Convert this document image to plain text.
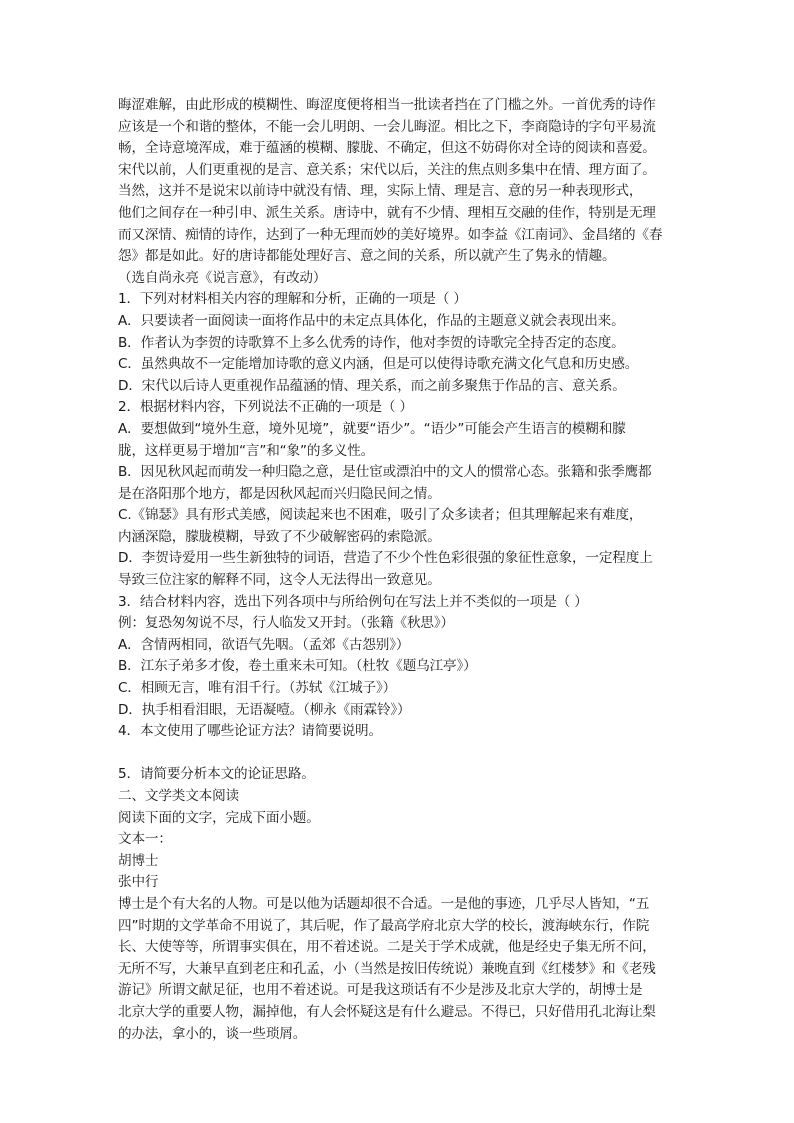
晦涩难解，由此形成的模糊性、晦涩度便将相当一批读者挡在了门槛之外。一首优秀的诗作
应该是一个和谐的整体，不能一会儿明朗、一会儿晦涩。相比之下，李商隐诗的字句平易流
畅，全诗意境浑成，难于蕴涵的模糊、朦胧、不确定，但这不妨碍你对全诗的阅读和喜爱。
宋代以前，人们更重视的是言、意关系；宋代以后，关注的焦点则多集中在情、理方面了。
当然，这并不是说宋以前诗中就没有情、理，实际上情、理是言、意的另一种表现形式，
他们之间存在一种引申、派生关系。唐诗中，就有不少情、理相互交融的佳作，特别是无理
而又深情、痴情的诗作，达到了一种无理而妙的美好境界。如李益《江南词》、金昌绪的《春
怨》都是如此。好的唐诗都能处理好言、意之间的关系，所以就产生了隽永的情趣。
（选自尚永亮《说言意》，有改动）
1．下列对材料相关内容的理解和分析，正确的一项是（ ）
A．只要读者一面阅读一面将作品中的未定点具体化，作品的主题意义就会表现出来。
B．作者认为李贺的诗歌算不上多么优秀的诗作，他对李贺的诗歌完全持否定的态度。
C．虽然典故不一定能增加诗歌的意义内涵，但是可以使得诗歌充满文化气息和历史感。
D．宋代以后诗人更重视作品蕴涵的情、理关系，而之前多聚焦于作品的言、意关系。
2．根据材料内容，下列说法不正确的一项是（ ）
A．要想做到“境外生意，境外见境”，就要“语少”。“语少”可能会产生语言的模糊和朦
胧，这样更易于增加“言”和“象”的多义性。
B．因见秋风起而萌发一种归隐之意，是仕宦或漂泊中的文人的惯常心态。张籍和张季鹰都
是在洛阳那个地方，都是因秋风起而兴归隐民间之情。
C.《锦瑟》具有形式美感，阅读起来也不困难，吸引了众多读者；但其理解起来有难度，
内涵深隐，朦胧模糊，导致了不少破解密码的索隐派。
D．李贺诗爱用一些生新独特的词语，营造了不少个性色彩很强的象征性意象，一定程度上
导致三位注家的解释不同，这令人无法得出一致意见。
3．结合材料内容，选出下列各项中与所给例句在写法上并不类似的一项是（ ）
例：复恐匆匆说不尽，行人临发又开封。（张籍《秋思》）
A．含情两相同，欲语气先咽。（孟郊《古怨别》）
B．江东子弟多才俊，卷土重来未可知。（杜牧《题乌江亭》）
C．相顾无言，唯有泪千行。（苏轼《江城子》）
D．执手相看泪眼，无语凝噎。（柳永《雨霖铃》）
4．本文使用了哪些论证方法？请简要说明。
5．请简要分析本文的论证思路。
二、文学类文本阅读
阅读下面的文字，完成下面小题。
文本一：
胡博士
张中行
博士是个有大名的人物。可是以他为话题却很不合适。一是他的事迹，几乎尽人皆知，“五
四”时期的文学革命不用说了，其后呢，作了最高学府北京大学的校长，渡海峡东行，作院
长、大使等等，所谓事实俱在，用不着述说。二是关于学术成就，他是经史子集无所不问，
无所不写，大兼早直到老庄和孔孟，小（当然是按旧传统说）兼晚直到《红楼梦》和《老残
游记》所谓文献足征，也用不着述说。可是我这琐话有不少是涉及北京大学的，胡博士是
北京大学的重要人物，漏掉他，有人会怀疑这是有什么避忌。不得已，只好借用孔北海让梨
的办法，拿小的，谈一些琐屑。
